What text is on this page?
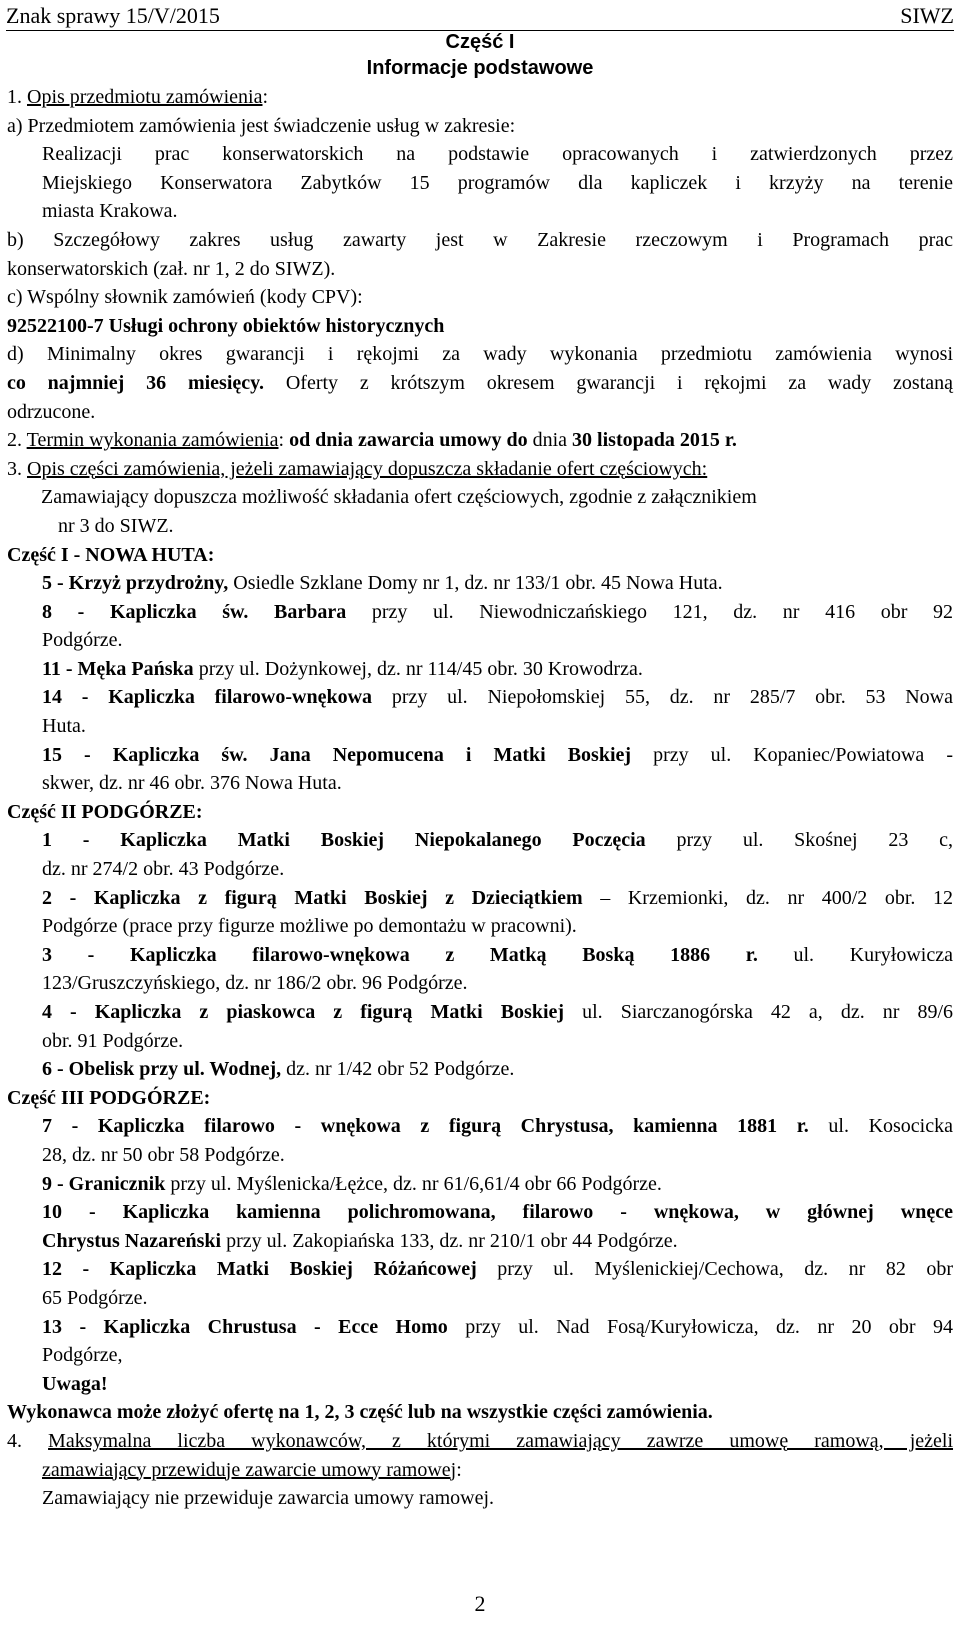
Znak sprawy 15/V/2015	SIWZ
Część I
Informacje podstawowe

1. Opis przedmiotu zamówienia:

a) Przedmiotem zamówienia jest świadczenie usług w zakresie:

Realizacji prac konserwatorskich na podstawie opracowanych i zatwierdzonych przez

Miejskiego Konserwatora Zabytków 15 programów dla kapliczek i krzyży na terenie

miasta Krakowa.

b) Szczegółowy zakres usług zawarty jest w Zakresie rzeczowym i Programach prac

konserwatorskich (zał. nr 1, 2 do SIWZ).

c) Wspólny słownik zamówień (kody CPV):

92522100-7 Usługi ochrony obiektów historycznych

d) Minimalny okres gwarancji i rękojmi za wady wykonania przedmiotu zamówienia wynosi

co najmniej 36 miesięcy. Oferty z krótszym okresem gwarancji i rękojmi za wady zostaną

odrzucone.

2. Termin wykonania zamówienia: od dnia zawarcia umowy do dnia 30 listopada 2015 r.

3. Opis części zamówienia, jeżeli zamawiający dopuszcza składanie ofert częściowych:

Zamawiający dopuszcza możliwość składania ofert częściowych, zgodnie z załącznikiem

nr 3 do SIWZ.

Część I - NOWA HUTA:

5 - Krzyż przydrożny, Osiedle Szklane Domy nr 1, dz. nr 133/1 obr. 45 Nowa Huta.

8 - Kapliczka św. Barbara przy ul. Niewodniczańskiego 121, dz. nr 416 obr 92

Podgórze.

11 - Męka Pańska przy ul. Dożynkowej, dz. nr 114/45 obr. 30 Krowodrza.

14 - Kapliczka filarowo-wnękowa przy ul. Niepołomskiej 55, dz. nr 285/7 obr. 53 Nowa

Huta.

15 - Kapliczka św. Jana Nepomucena i Matki Boskiej przy ul. Kopaniec/Powiatowa -

skwer, dz. nr 46 obr. 376 Nowa Huta.

Część II PODGÓRZE:

1 - Kapliczka Matki Boskiej Niepokalanego Poczęcia przy ul. Skośnej 23 c,

dz. nr 274/2 obr. 43 Podgórze.

2 - Kapliczka z figurą Matki Boskiej z Dzieciątkiem – Krzemionki, dz. nr 400/2 obr. 12

Podgórze (prace przy figurze możliwe po demontażu w pracowni).

3 - Kapliczka filarowo-wnękowa z Matką Boską 1886 r. ul. Kuryłowicza

123/Gruszczyńskiego, dz. nr 186/2 obr. 96 Podgórze.

4 - Kapliczka z piaskowca z figurą Matki Boskiej ul. Siarczanogórska 42 a, dz. nr 89/6

obr. 91 Podgórze.

6 - Obelisk przy ul. Wodnej, dz. nr 1/42 obr 52 Podgórze.

Część III PODGÓRZE:

7 - Kapliczka filarowo - wnękowa z figurą Chrystusa, kamienna 1881 r. ul. Kosocicka

28, dz. nr 50 obr 58 Podgórze.

9 - Granicznik przy ul. Myślenicka/Łężce, dz. nr 61/6,61/4 obr 66 Podgórze.

10 - Kapliczka kamienna polichromowana, filarowo - wnękowa, w głównej wnęce

Chrystus Nazareński przy ul. Zakopiańska 133, dz. nr 210/1 obr 44 Podgórze.

12 - Kapliczka Matki Boskiej Różańcowej przy ul. Myślenickiej/Cechowa, dz. nr 82 obr

65 Podgórze.

13 - Kapliczka Chrustusa - Ecce Homo przy ul. Nad Fosą/Kuryłowicza, dz. nr 20 obr 94

Podgórze,

Uwaga!

Wykonawca może złożyć ofertę na 1, 2, 3 część lub na wszystkie części zamówienia.

4. Maksymalna liczba wykonawców, z którymi zamawiający zawrze umowę ramową, jeżeli

zamawiający przewiduje zawarcie umowy ramowej:

Zamawiający nie przewiduje zawarcia umowy ramowej.

2
